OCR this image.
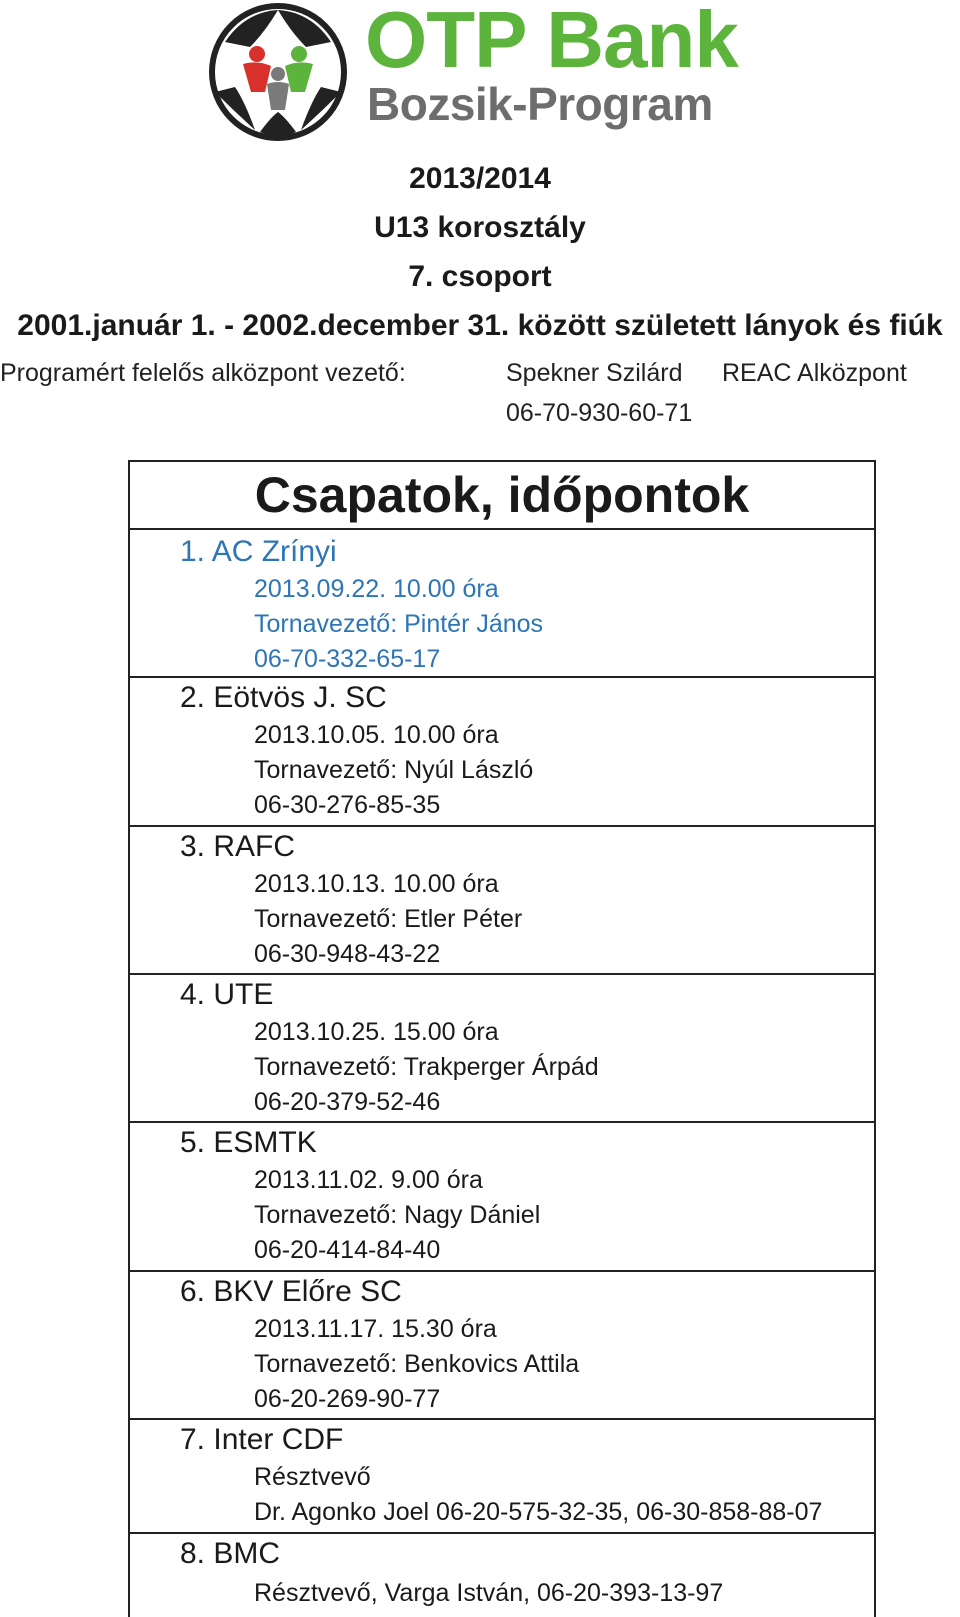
OTP Bank
Bozsik-Program
2013/2014
U13 korosztály
7. csoport
2001.január 1. - 2002.december 31. között született lányok és fiúk
Programért felelős alközpont vezető:	Spekner Szilárd REAC Alközpont
06-70-930-60-71
Csapatok, időpontok
1. AC Zrínyi
2013.09.22. 10.00 óra
Tornavezető: Pintér János
06-70-332-65-17
2. Eötvös J. SC
2013.10.05. 10.00 óra
Tornavezető: Nyúl László
06-30-276-85-35
3. RAFC
2013.10.13. 10.00 óra
Tornavezető: Etler Péter
06-30-948-43-22
4. UTE
2013.10.25. 15.00 óra
Tornavezető: Trakperger Árpád
06-20-379-52-46
5. ESMTK
2013.11.02. 9.00 óra
Tornavezető: Nagy Dániel
06-20-414-84-40
6. BKV Előre SC
2013.11.17. 15.30 óra
Tornavezető: Benkovics Attila
06-20-269-90-77
7. Inter CDF
Résztvevő
Dr. Agonko Joel 06-20-575-32-35, 06-30-858-88-07
8. BMC
Résztvevő, Varga István, 06-20-393-13-97
